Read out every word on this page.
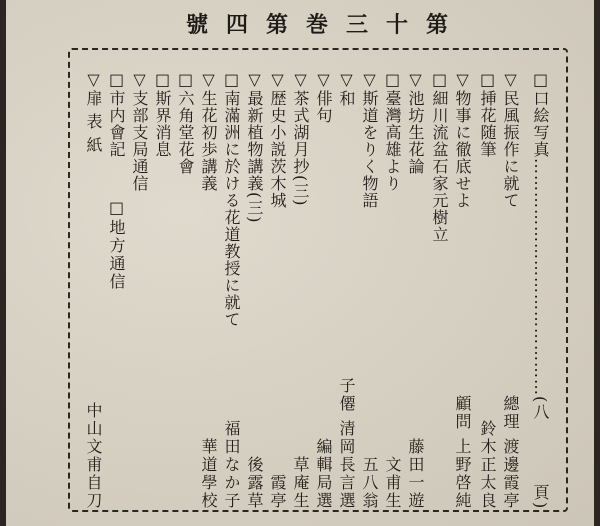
號四第巻三十第
□口絵写真……………………………………(八
頁)
▽民風振作に就て
總理 渡邊霞亭
□挿花随筆
鈴木正太良
▽物事に徹底せよ
顧問 上野啓純
□細川流盆石家元樹立
▽池坊生花論
藤田一遊
□臺灣高雄より
文甫生
▽斯道をりく物語
五八翁
▽和
子僊 清岡長言選
▽俳句
編輯局選
▽茶式湖月抄(三)
草庵生
▽歴史小説茨木城
霞亭
▽最新植物講義(三)
後露草
□南滿洲に於ける花道教授に就て
福田なか子
▽生花初歩講義
華道學校
□六角堂花會
□斯界消息
▽支部支局通信
□市内會記
□地方通信
▽扉 表 紙
中山文甫自刀
